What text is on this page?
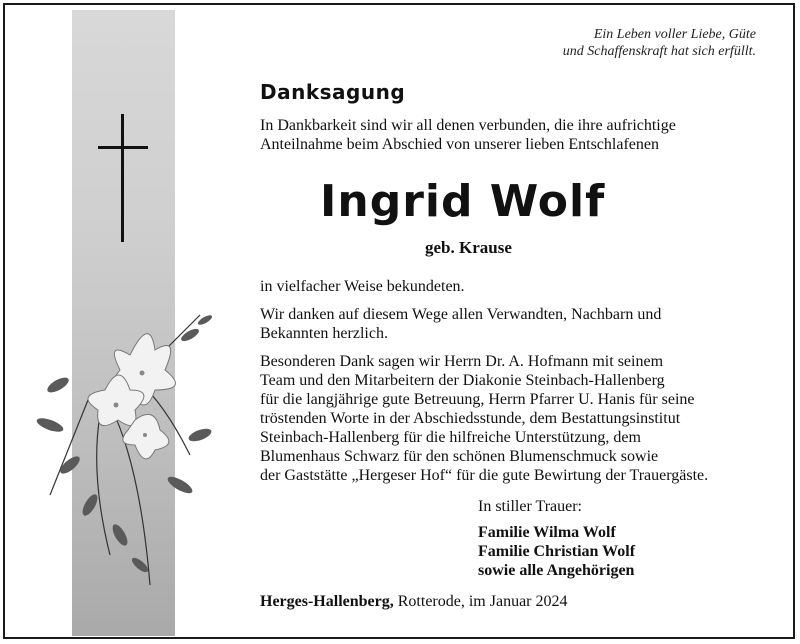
Ein Leben voller Liebe, Güte
und Schaffenskraft hat sich erfüllt.
Danksagung
In Dankbarkeit sind wir all denen verbunden, die ihre aufrichtige
Anteilnahme beim Abschied von unserer lieben Entschlafenen
Ingrid Wolf
geb. Krause
in vielfacher Weise bekundeten.
Wir danken auf diesem Wege allen Verwandten, Nachbarn und
Bekannten herzlich.
Besonderen Dank sagen wir Herrn Dr. A. Hofmann mit seinem
Team und den Mitarbeitern der Diakonie Steinbach-Hallenberg
für die langjährige gute Betreuung, Herrn Pfarrer U. Hanis für seine
tröstenden Worte in der Abschiedsstunde, dem Bestattungsinstitut
Steinbach-Hallenberg für die hilfreiche Unterstützung, dem
Blumenhaus Schwarz für den schönen Blumenschmuck sowie
der Gaststätte „Hergeser Hof“ für die gute Bewirtung der Trauergäste.
In stiller Trauer:
Familie Wilma Wolf
Familie Christian Wolf
sowie alle Angehörigen
Herges-Hallenberg, Rotterode, im Januar 2024
